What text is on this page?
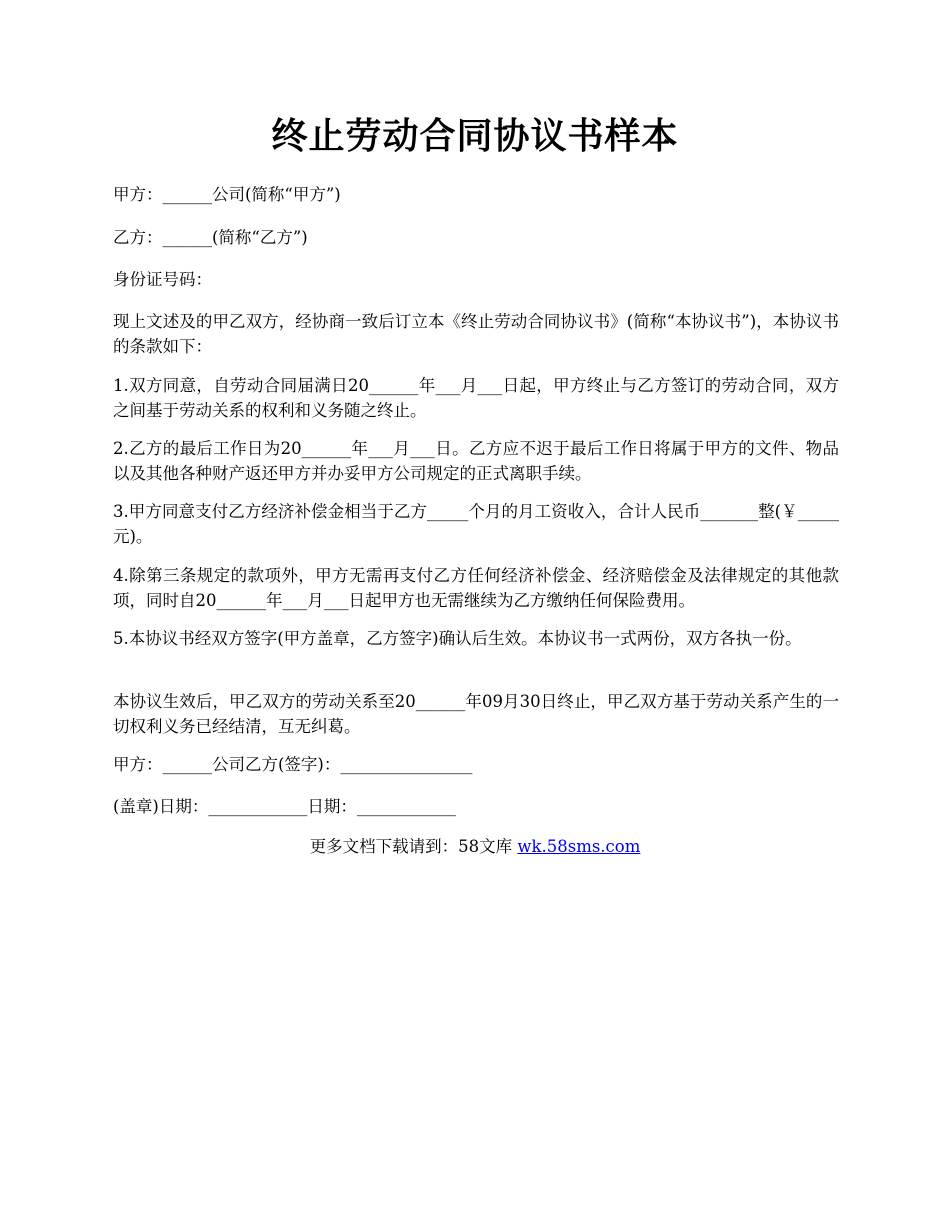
终止劳动合同协议书样本

甲方：______公司(简称“甲方”)

乙方：______(简称“乙方”)

身份证号码：

现上文述及的甲乙双方，经协商一致后订立本《终止劳动合同协议书》(简称“本协议书”)，本协议书的条款如下：

1.双方同意，自劳动合同届满日20______年___月___日起，甲方终止与乙方签订的劳动合同，双方之间基于劳动关系的权利和义务随之终止。

2.乙方的最后工作日为20______年___月___日。乙方应不迟于最后工作日将属于甲方的文件、物品以及其他各种财产返还甲方并办妥甲方公司规定的正式离职手续。

3.甲方同意支付乙方经济补偿金相当于乙方_____个月的月工资收入，合计人民币_______整(￥_____元)。

4.除第三条规定的款项外，甲方无需再支付乙方任何经济补偿金、经济赔偿金及法律规定的其他款项，同时自20______年___月___日起甲方也无需继续为乙方缴纳任何保险费用。

5.本协议书经双方签字(甲方盖章，乙方签字)确认后生效。本协议书一式两份，双方各执一份。

本协议生效后，甲乙双方的劳动关系至20______年09月30日终止，甲乙双方基于劳动关系产生的一切权利义务已经结清，互无纠葛。

甲方：______公司乙方(签字)：________________

(盖章)日期：____________日期：____________

更多文档下载请到：58文库 wk.58sms.com
